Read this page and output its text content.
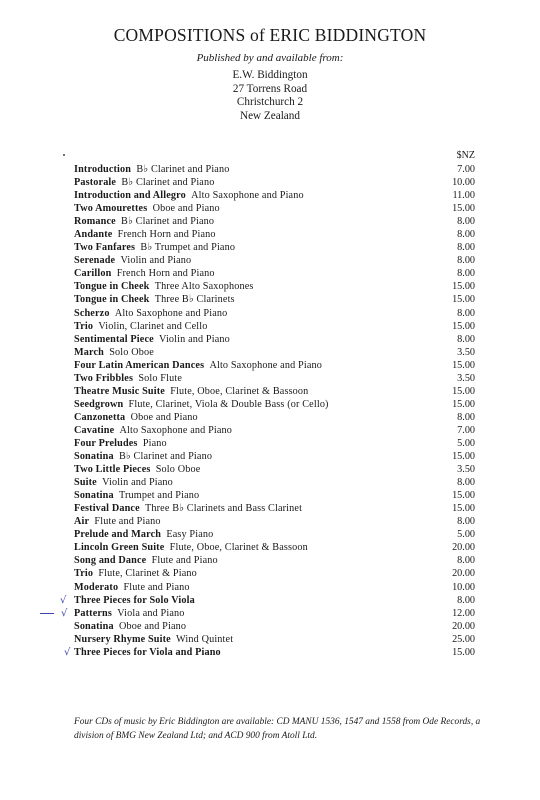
COMPOSITIONS of ERIC BIDDINGTON
Published by and available from:
E.W. Biddington
27 Torrens Road
Christchurch 2
New Zealand
$NZ
Introduction  B♭ Clarinet and Piano	7.00
Pastorale  B♭ Clarinet and Piano	10.00
Introduction and Allegro  Alto Saxophone and Piano	11.00
Two Amourettes  Oboe and Piano	15.00
Romance  B♭ Clarinet and Piano	8.00
Andante  French Horn and Piano	8.00
Two Fanfares  B♭ Trumpet and Piano	8.00
Serenade  Violin and Piano	8.00
Carillon  French Horn and Piano	8.00
Tongue in Cheek  Three Alto Saxophones	15.00
Tongue in Cheek  Three B♭ Clarinets	15.00
Scherzo  Alto Saxophone and Piano	8.00
Trio  Violin, Clarinet and Cello	15.00
Sentimental Piece  Violin and Piano	8.00
March  Solo Oboe	3.50
Four Latin American Dances  Alto Saxophone and Piano	15.00
Two Fribbles  Solo Flute	3.50
Theatre Music Suite  Flute, Oboe, Clarinet & Bassoon	15.00
Seedgrown  Flute, Clarinet, Viola & Double Bass (or Cello)	15.00
Canzonetta  Oboe and Piano	8.00
Cavatine  Alto Saxophone and Piano	7.00
Four Preludes  Piano	5.00
Sonatina  B♭ Clarinet and Piano	15.00
Two Little Pieces  Solo Oboe	3.50
Suite  Violin and Piano	8.00
Sonatina  Trumpet and Piano	15.00
Festival Dance  Three B♭ Clarinets and Bass Clarinet	15.00
Air  Flute and Piano	8.00
Prelude and March  Easy Piano	5.00
Lincoln Green Suite  Flute, Oboe, Clarinet & Bassoon	20.00
Song and Dance  Flute and Piano	8.00
Trio  Flute, Clarinet & Piano	20.00
Moderato  Flute and Piano	10.00
Three Pieces for Solo Viola	8.00
√
Patterns  Viola and Piano	12.00
√
Sonatina  Oboe and Piano	20.00
Nursery Rhyme Suite  Wind Quintet	25.00
Three Pieces for Viola and Piano	15.00
√
Four CDs of music by Eric Biddington are available: CD MANU 1536, 1547 and 1558 from Ode Records, a division of BMG New Zealand Ltd; and ACD 900 from Atoll Ltd.
